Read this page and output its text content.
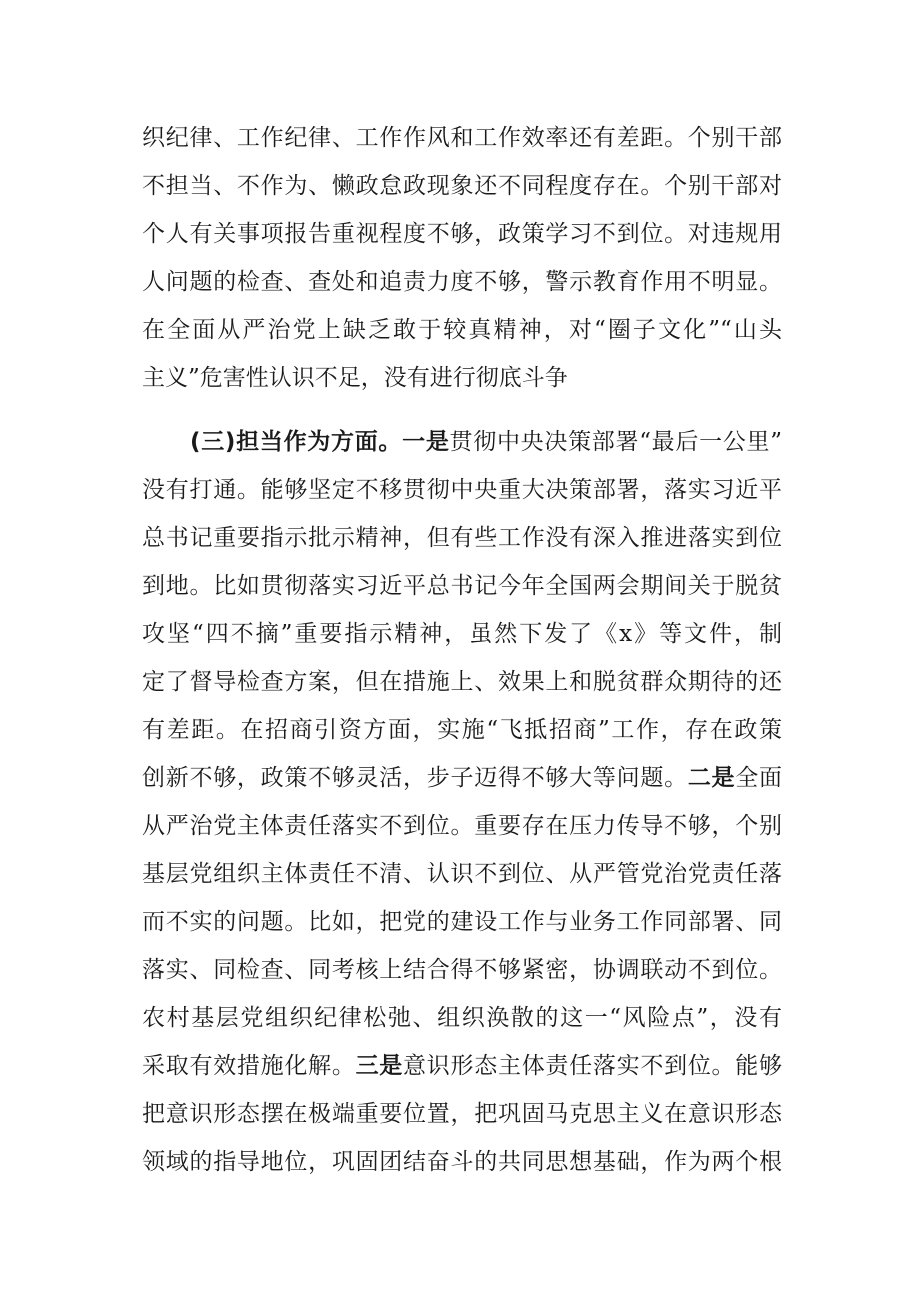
织纪律、工作纪律、工作作风和工作效率还有差距。个别干部
不担当、不作为、懒政怠政现象还不同程度存在。个别干部对
个人有关事项报告重视程度不够，政策学习不到位。对违规用
人问题的检查、查处和追责力度不够，警示教育作用不明显。
在全面从严治党上缺乏敢于较真精神，对“圈子文化”“山头
主义”危害性认识不足，没有进行彻底斗争
(三)担当作为方面。一是贯彻中央决策部署“最后一公里”
没有打通。能够坚定不移贯彻中央重大决策部署，落实习近平
总书记重要指示批示精神，但有些工作没有深入推进落实到位
到地。比如贯彻落实习近平总书记今年全国两会期间关于脱贫
攻坚“四不摘”重要指示精神，虽然下发了《x》等文件，制
定了督导检查方案，但在措施上、效果上和脱贫群众期待的还
有差距。在招商引资方面，实施“飞抵招商”工作，存在政策
创新不够，政策不够灵活，步子迈得不够大等问题。二是全面
从严治党主体责任落实不到位。重要存在压力传导不够，个别
基层党组织主体责任不清、认识不到位、从严管党治党责任落
而不实的问题。比如，把党的建设工作与业务工作同部署、同
落实、同检查、同考核上结合得不够紧密，协调联动不到位。
农村基层党组织纪律松弛、组织涣散的这一“风险点”，没有
采取有效措施化解。三是意识形态主体责任落实不到位。能够
把意识形态摆在极端重要位置，把巩固马克思主义在意识形态
领域的指导地位，巩固团结奋斗的共同思想基础，作为两个根
